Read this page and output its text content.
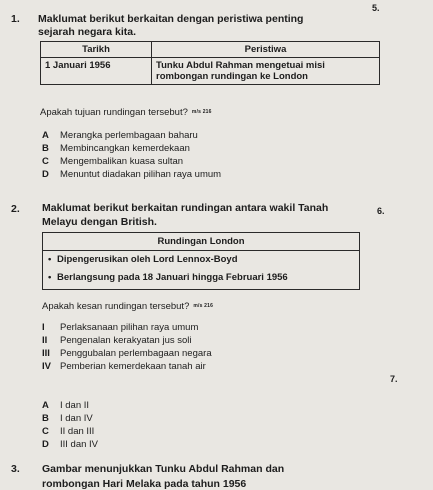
5.
6.
7.
1. Maklumat berikut berkaitan dengan peristiwa penting
sejarah negara kita.
Tarikh	Peristiwa
1 Januari 1956	Tunku Abdul Rahman mengetuai misi
rombongan rundingan ke London
Apakah tujuan rundingan tersebut? $^{m/s 216}$
A Merangka perlembagaan baharu
B Membincangkan kemerdekaan
C Mengembalikan kuasa sultan
D Menuntut diadakan pilihan raya umum
2. Maklumat berikut berkaitan rundingan antara wakil Tanah
Melayu dengan British.
Rundingan London
• Dipengerusikan oleh Lord Lennox-Boyd
• Berlangsung pada 18 Januari hingga Februari 1956
Apakah kesan rundingan tersebut? $^{m/s 216}$
I Perlaksanaan pilihan raya umum
II Pengenalan kerakyatan jus soli
III Penggubalan perlembagaan negara
IV Pemberian kemerdekaan tanah air
A I dan II
B I dan IV
C II dan III
D III dan IV
3. Gambar menunjukkan Tunku Abdul Rahman dan
rombongan Hari Melaka pada tahun 1956
